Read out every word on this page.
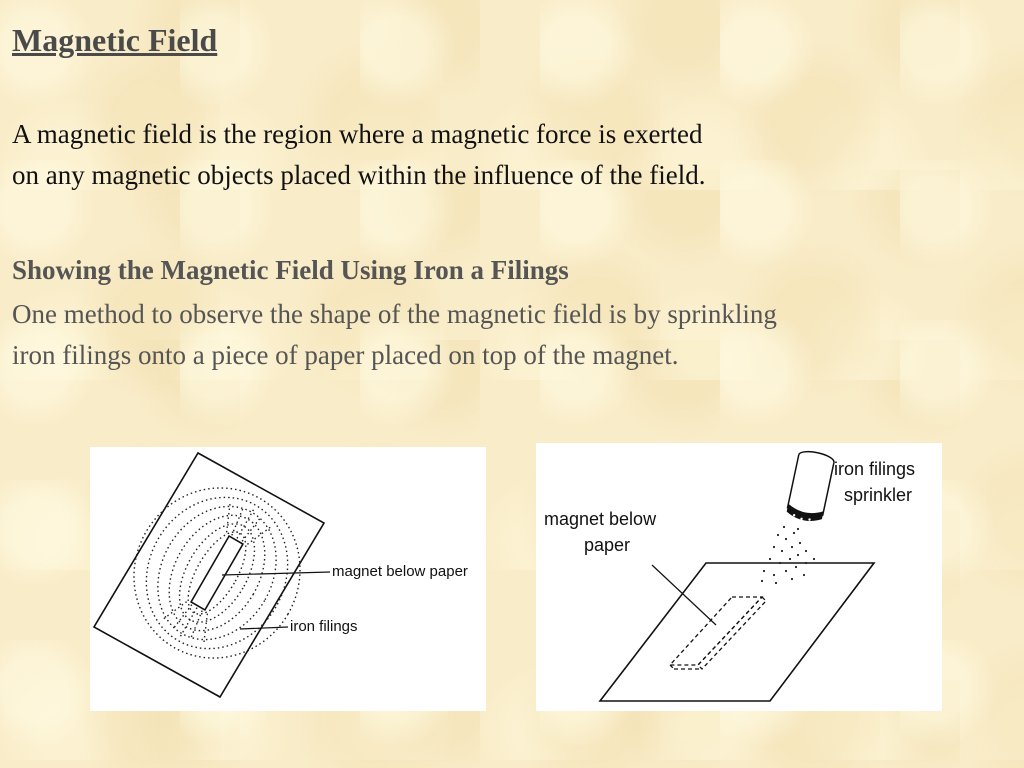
Magnetic Field
A magnetic field is the region where a magnetic force is exerted
on any magnetic objects placed within the influence of the field.
Showing the Magnetic Field Using Iron a Filings
One method to observe the shape of the magnetic field is by sprinkling
iron filings onto a piece of paper placed on top of the magnet.
magnet below paper
iron filings
iron filings
sprinkler
magnet below
paper
